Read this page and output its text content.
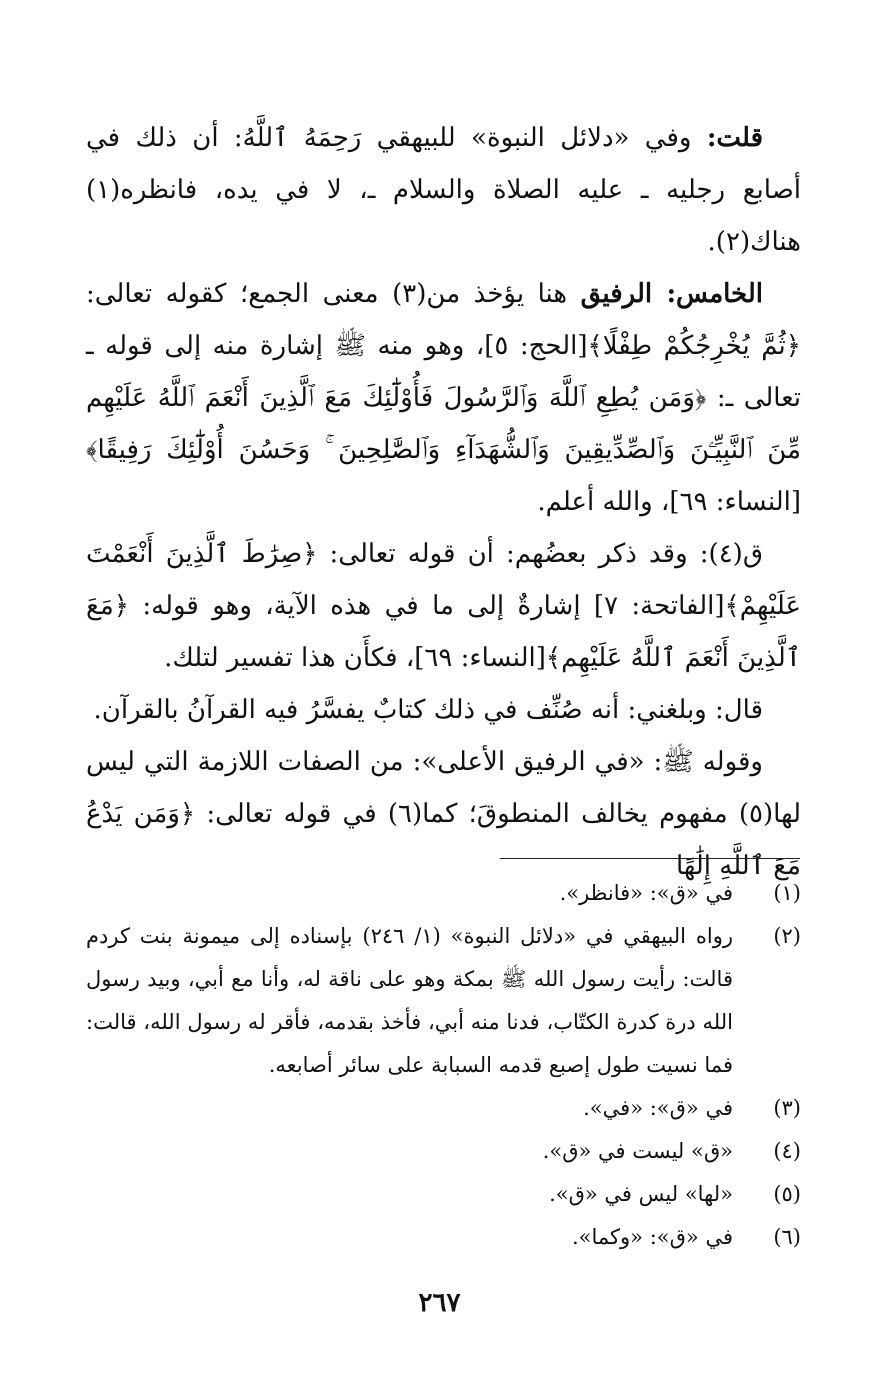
قلت: وفي «دلائل النبوة» للبيهقي رَحِمَهُ ٱللَّهُ: أن ذلك في أصابع رجليه ـ عليه الصلاة والسلام ـ، لا في يده، فانظره(١) هناك(٢).

الخامس: الرفيق هنا يؤخذ من(٣) معنى الجمع؛ كقوله تعالى: ﴿ثُمَّ يُخْرِجُكُمْ طِفْلًا﴾[الحج: ٥]، وهو منه ﷺ إشارة منه إلى قوله ـ تعالى ـ: ﴿وَمَن يُطِعِ ٱللَّهَ وَٱلرَّسُولَ فَأُوْلَٰٓئِكَ مَعَ ٱلَّذِينَ أَنْعَمَ ٱللَّهُ عَلَيْهِم مِّنَ ٱلنَّبِيِّـۧنَ وَٱلصِّدِّيقِينَ وَٱلشُّهَدَآءِ وَٱلصَّٰلِحِينَ ۚ وَحَسُنَ أُوْلَٰٓئِكَ رَفِيقًا﴾[النساء: ٦٩]، والله أعلم.

ق(٤): وقد ذكر بعضُهم: أن قوله تعالى: ﴿صِرَٰطَ ٱلَّذِينَ أَنْعَمْتَ عَلَيْهِمْ﴾[الفاتحة: ٧] إشارةٌ إلى ما في هذه الآية، وهو قوله: ﴿مَعَ ٱلَّذِينَ أَنْعَمَ ٱللَّهُ عَلَيْهِم﴾[النساء: ٦٩]، فكأَن هذا تفسير لتلك.

قال: وبلغني: أنه صُنِّف في ذلك كتابٌ يفسَّرُ فيه القرآنُ بالقرآن.

وقوله ﷺ: «في الرفيق الأعلى»: من الصفات اللازمة التي ليس لها(٥) مفهوم يخالف المنطوقَ؛ كما(٦) في قوله تعالى: ﴿وَمَن يَدْعُ مَعَ ٱللَّهِ إِلَٰهًا

(١)
في «ق»: «فانظر».
(٢)
رواه البيهقي في «دلائل النبوة» (١/ ٢٤٦) بإسناده إلى ميمونة بنت كردم قالت: رأيت رسول الله ﷺ بمكة وهو على ناقة له، وأنا مع أبي، وبيد رسول الله درة كدرة الكتّاب، فدنا منه أبي، فأخذ بقدمه، فأقر له رسول الله، قالت: فما نسيت طول إصبع قدمه السبابة على سائر أصابعه.
(٣)
في «ق»: «في».
(٤)
«ق» ليست في «ق».
(٥)
«لها» ليس في «ق».
(٦)
في «ق»: «وكما».
٢٦٧
